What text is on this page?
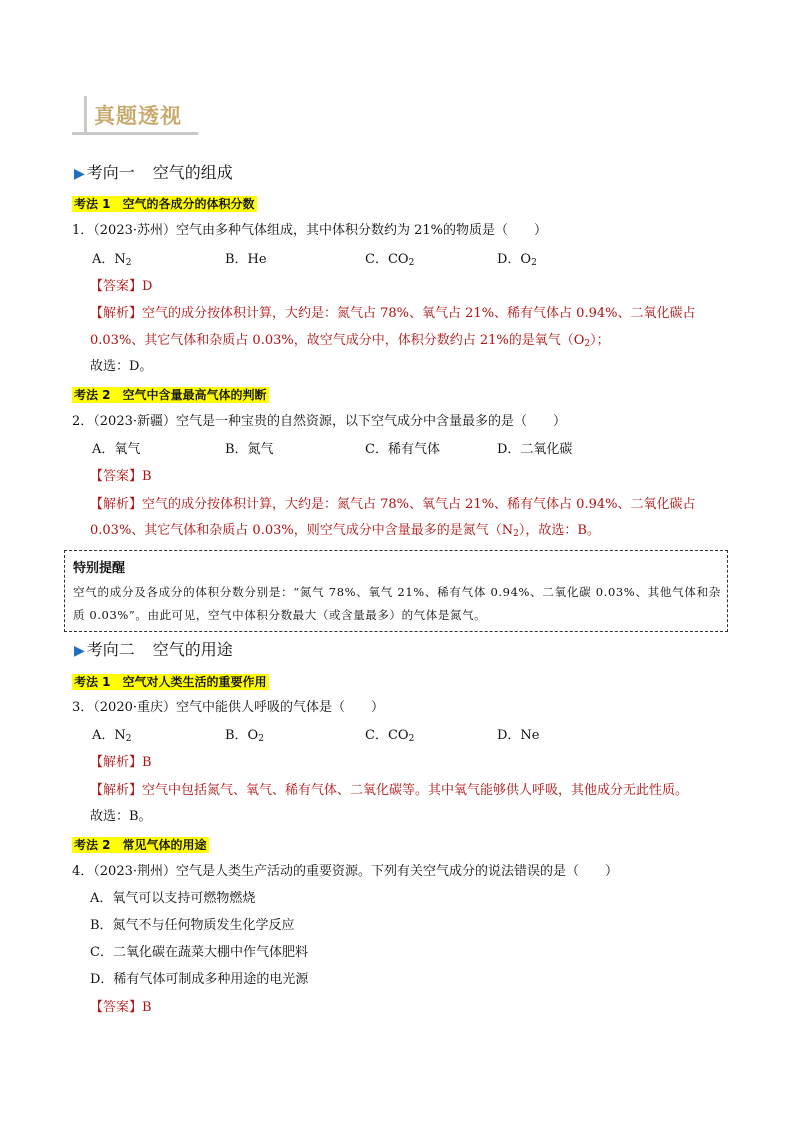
真题透视
▶ 考向一 空气的组成
考法 1　空气的各成分的体积分数
1．（2023·苏州）空气由多种气体组成，其中体积分数约为 21%的物质是（　　）
A．$N_2$	B．He	C．$CO_2$	D．$O_2$
【答案】D
【解析】空气的成分按体积计算，大约是：氮气占 78%、氧气占 21%、稀有气体占 0.94%、二氧化碳占
0.03%、其它气体和杂质占 0.03%，故空气成分中，体积分数约占 21%的是氧气$(O_2)$；
故选：D。
考法 2　空气中含量最高气体的判断
2．（2023·新疆）空气是一种宝贵的自然资源，以下空气成分中含量最多的是（　　）
A．氧气	B．氮气	C．稀有气体	D．二氧化碳
【答案】B
【解析】空气的成分按体积计算，大约是：氮气占 78%、氧气占 21%、稀有气体占 0.94%、二氧化碳占
0.03%、其它气体和杂质占 0.03%，则空气成分中含量最多的是氮气$(N_2)$，故选：B。
特别提醒
空气的成分及各成分的体积分数分别是：“氮气 78%、氧气 21%、稀有气体 0.94%、二氧化碳 0.03%、其他气体和杂质 0.03%”。由此可见，空气中体积分数最大（或含量最多）的气体是氮气。
▶ 考向二 空气的用途
考法 1　空气对人类生活的重要作用
3．（2020·重庆）空气中能供人呼吸的气体是（　　）
A．$N_2$	B．$O_2$	C．$CO_2$	D．Ne
【解析】B
【解析】空气中包括氮气、氧气、稀有气体、二氧化碳等。其中氧气能够供人呼吸，其他成分无此性质。
故选：B。
考法 2　常见气体的用途
4．（2023·荆州）空气是人类生产活动的重要资源。下列有关空气成分的说法错误的是（　　）
A．氧气可以支持可燃物燃烧
B．氮气不与任何物质发生化学反应
C．二氧化碳在蔬菜大棚中作气体肥料
D．稀有气体可制成多种用途的电光源
【答案】B
